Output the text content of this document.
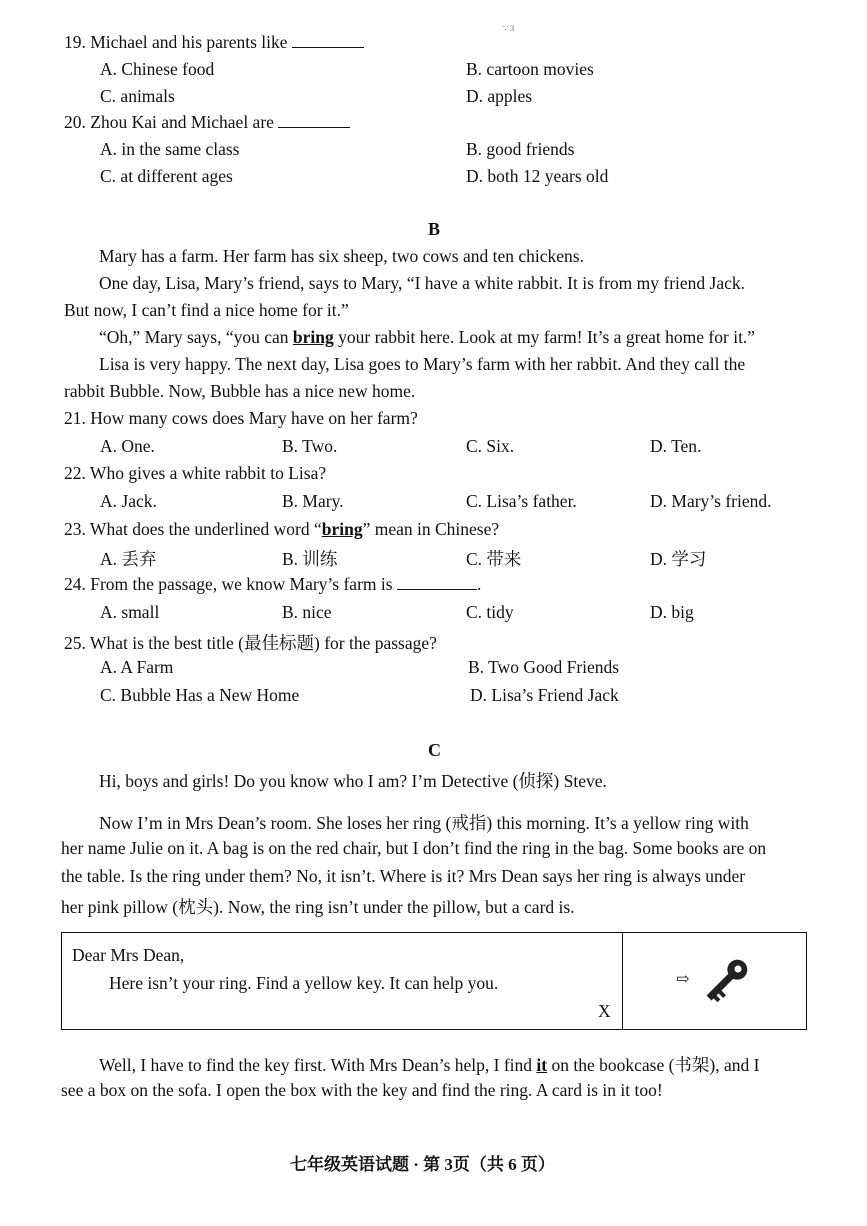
∵ 3
19. Michael and his parents like
A. Chinese food	B. cartoon movies
C. animals	D. apples
20. Zhou Kai and Michael are
A. in the same class	B. good friends
C. at different ages	D. both 12 years old
B
Mary has a farm. Her farm has six sheep, two cows and ten chickens.
One day, Lisa, Mary’s friend, says to Mary, “I have a white rabbit. It is from my friend Jack.
But now, I can’t find a nice home for it.”
“Oh,” Mary says, “you can bring your rabbit here. Look at my farm! It’s a great home for it.”
Lisa is very happy. The next day, Lisa goes to Mary’s farm with her rabbit. And they call the
rabbit Bubble. Now, Bubble has a nice new home.
21. How many cows does Mary have on her farm?
A. One.	B. Two.	C. Six.	D. Ten.
22. Who gives a white rabbit to Lisa?
A. Jack.	B. Mary.	C. Lisa’s father.	D. Mary’s friend.
23. What does the underlined word “bring” mean in Chinese?
A. 丢弃	B. 训练	C. 带来	D. 学习
24. From the passage, we know Mary’s farm is	.
A. small	B. nice	C. tidy	D. big
25. What is the best title (最佳标题) for the passage?
A. A Farm	B. Two Good Friends
C. Bubble Has a New Home	D. Lisa’s Friend Jack
C
Hi, boys and girls! Do you know who I am? I’m Detective (侦探) Steve.
Now I’m in Mrs Dean’s room. She loses her ring (戒指) this morning. It’s a yellow ring with
her name Julie on it. A bag is on the red chair, but I don’t find the ring in the bag. Some books are on
the table. Is the ring under them? No, it isn’t. Where is it? Mrs Dean says her ring is always under
her pink pillow (枕头). Now, the ring isn’t under the pillow, but a card is.
Dear Mrs Dean,
Here isn’t your ring. Find a yellow key. It can help you.
X
⇨
Well, I have to find the key first. With Mrs Dean’s help, I find it on the bookcase (书架), and I
see a box on the sofa. I open the box with the key and find the ring. A card is in it too!
七年级英语试题 · 第 3页（共 6 页）
